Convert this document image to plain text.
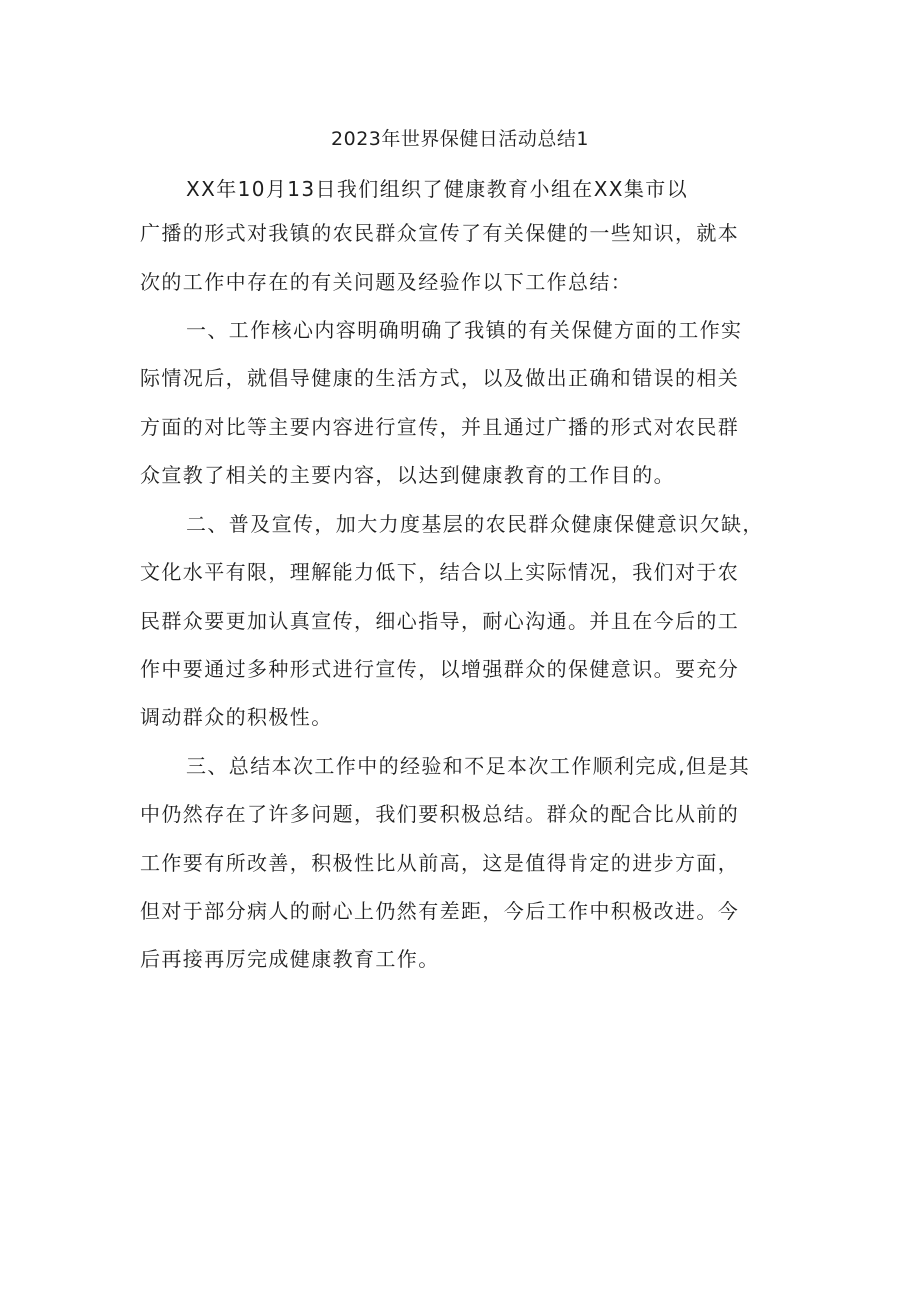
2023年世界保健日活动总结1
XX年10月13日我们组织了健康教育小组在XX集市以
广播的形式对我镇的农民群众宣传了有关保健的一些知识，就本
次的工作中存在的有关问题及经验作以下工作总结：
一、工作核心内容明确明确了我镇的有关保健方面的工作实
际情况后，就倡导健康的生活方式，以及做出正确和错误的相关
方面的对比等主要内容进行宣传，并且通过广播的形式对农民群
众宣教了相关的主要内容，以达到健康教育的工作目的。
二、普及宣传，加大力度基层的农民群众健康保健意识欠缺，
文化水平有限，理解能力低下，结合以上实际情况，我们对于农
民群众要更加认真宣传，细心指导，耐心沟通。并且在今后的工
作中要通过多种形式进行宣传，以增强群众的保健意识。要充分
调动群众的积极性。
三、总结本次工作中的经验和不足本次工作顺利完成,但是其
中仍然存在了许多问题，我们要积极总结。群众的配合比从前的
工作要有所改善，积极性比从前高，这是值得肯定的进步方面，
但对于部分病人的耐心上仍然有差距，今后工作中积极改进。今
后再接再厉完成健康教育工作。
